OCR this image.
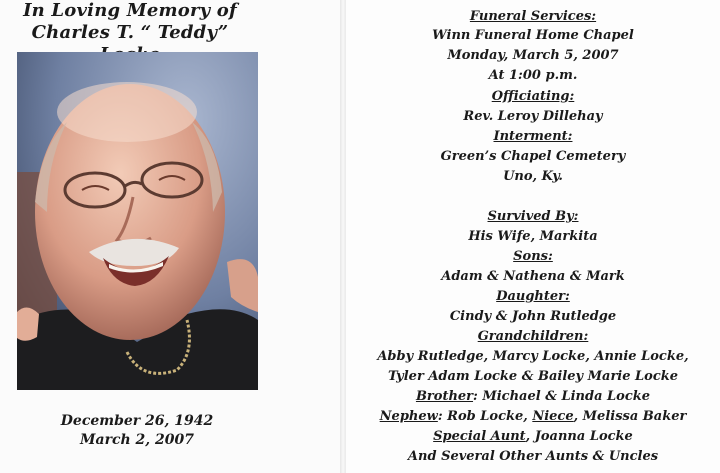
In Loving Memory of
Charles T. “ Teddy”
December 26, 1942
March 2, 2007
Funeral Services:
Winn Funeral Home Chapel
Monday, March 5, 2007
At 1:00 p.m.
Officiating:
Rev. Leroy Dillehay
Interment:
Green’s Chapel Cemetery
Uno, Ky.
Survived By:
His Wife, Markita
Sons:
Adam & Nathena & Mark
Daughter:
Cindy & John Rutledge
Grandchildren:
Abby Rutledge, Marcy Locke, Annie Locke,
Tyler Adam Locke & Bailey Marie Locke
Brother: Michael & Linda Locke
Nephew: Rob Locke, Niece, Melissa Baker
Special Aunt, Joanna Locke
And Several Other Aunts & Uncles
